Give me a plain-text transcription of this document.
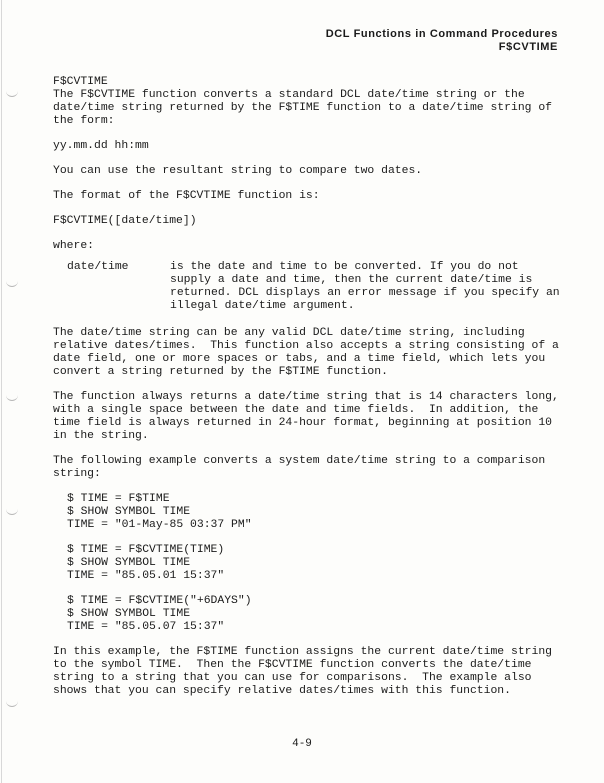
DCL Functions in Command Procedures
F$CVTIME

F$CVTIME

The F$CVTIME function converts a standard DCL date/time string or the date/time string returned by the F$TIME function to a date/time string of the form:

yy.mm.dd hh:mm

You can use the resultant string to compare two dates.

The format of the F$CVTIME function is:

F$CVTIME([date/time])

where:

date/time	is the date and time to be converted. If you do not supply a date and time, then the current date/time is returned. DCL displays an error message if you specify an illegal date/time argument.

The date/time string can be any valid DCL date/time string, including relative dates/times.  This function also accepts a string consisting of a date field, one or more spaces or tabs, and a time field, which lets you convert a string returned by the F$TIME function.

The function always returns a date/time string that is 14 characters long, with a single space between the date and time fields.  In addition, the time field is always returned in 24-hour format, beginning at position 10 in the string.

The following example converts a system date/time string to a comparison string:

$ TIME = F$TIME

$ SHOW SYMBOL TIME

TIME = "01-May-85 03:37 PM"

$ TIME = F$CVTIME(TIME)

$ SHOW SYMBOL TIME

TIME = "85.05.01 15:37"

$ TIME = F$CVTIME("+6DAYS")

$ SHOW SYMBOL TIME

TIME = "85.05.07 15:37"

In this example, the F$TIME function assigns the current date/time string to the symbol TIME.  Then the F$CVTIME function converts the date/time string to a string that you can use for comparisons.  The example also shows that you can specify relative dates/times with this function.

4-9
